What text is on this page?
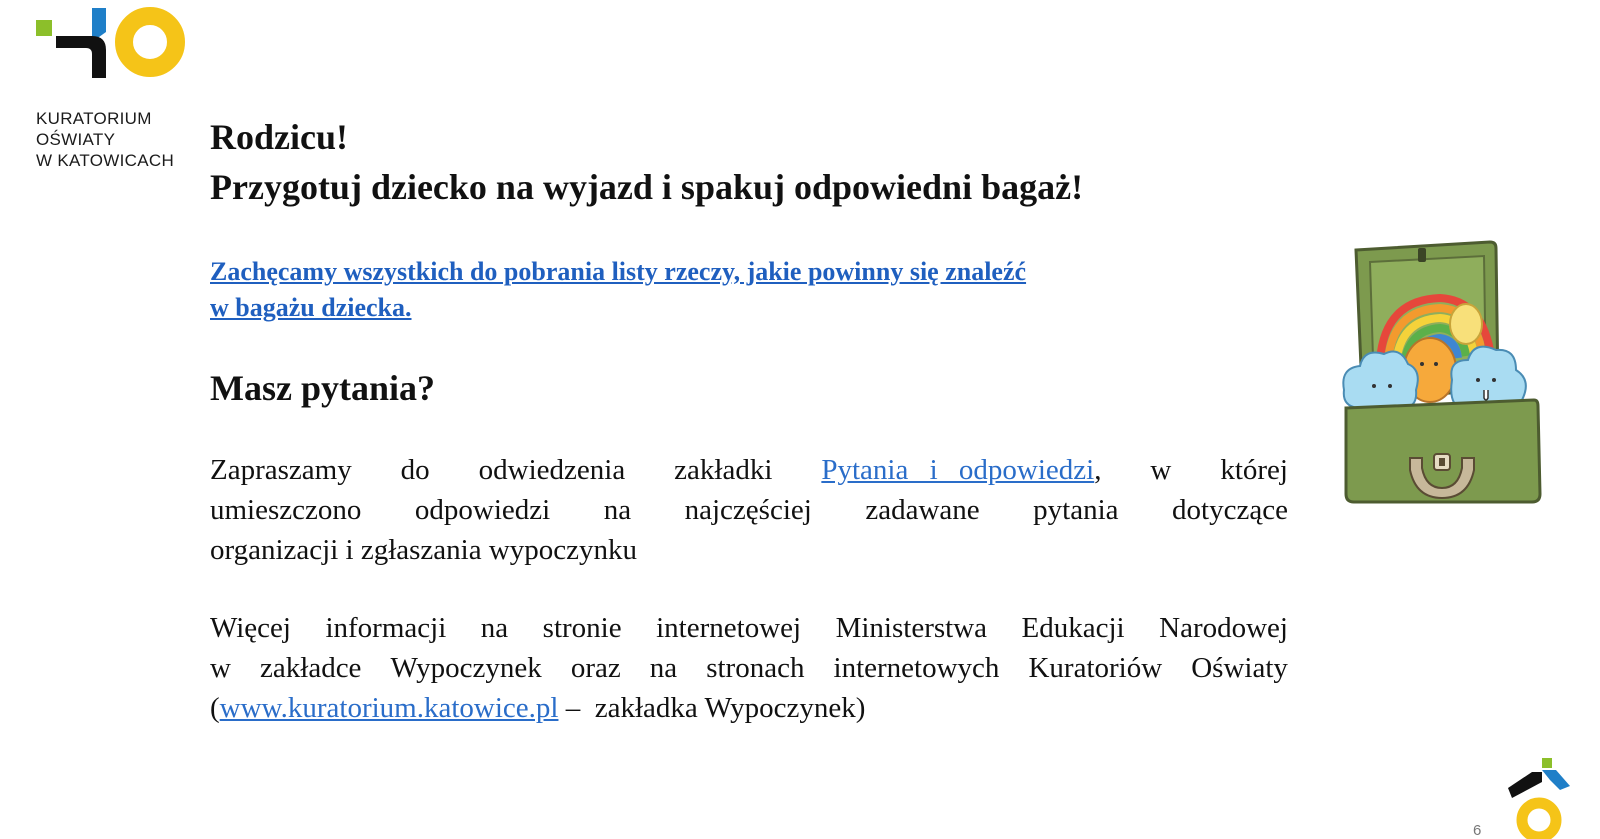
KURATORIUM
OŚWIATY
W KATOWICACH
Rodzicu!
Przygotuj dziecko na wyjazd i spakuj odpowiedni bagaż!
Zachęcamy wszystkich do pobrania listy rzeczy, jakie powinny się znaleźć
w bagażu dziecka.
Masz pytania?
Zapraszamy do odwiedzenia zakładki Pytania i odpowiedzi, w której
umieszczono odpowiedzi na najczęściej zadawane pytania dotyczące
organizacji i zgłaszania wypoczynku
Więcej informacji na stronie internetowej Ministerstwa Edukacji Narodowej
w zakładce Wypoczynek oraz na stronach internetowych Kuratoriów Oświaty
(www.kuratorium.katowice.pl –  zakładka Wypoczynek)
6
